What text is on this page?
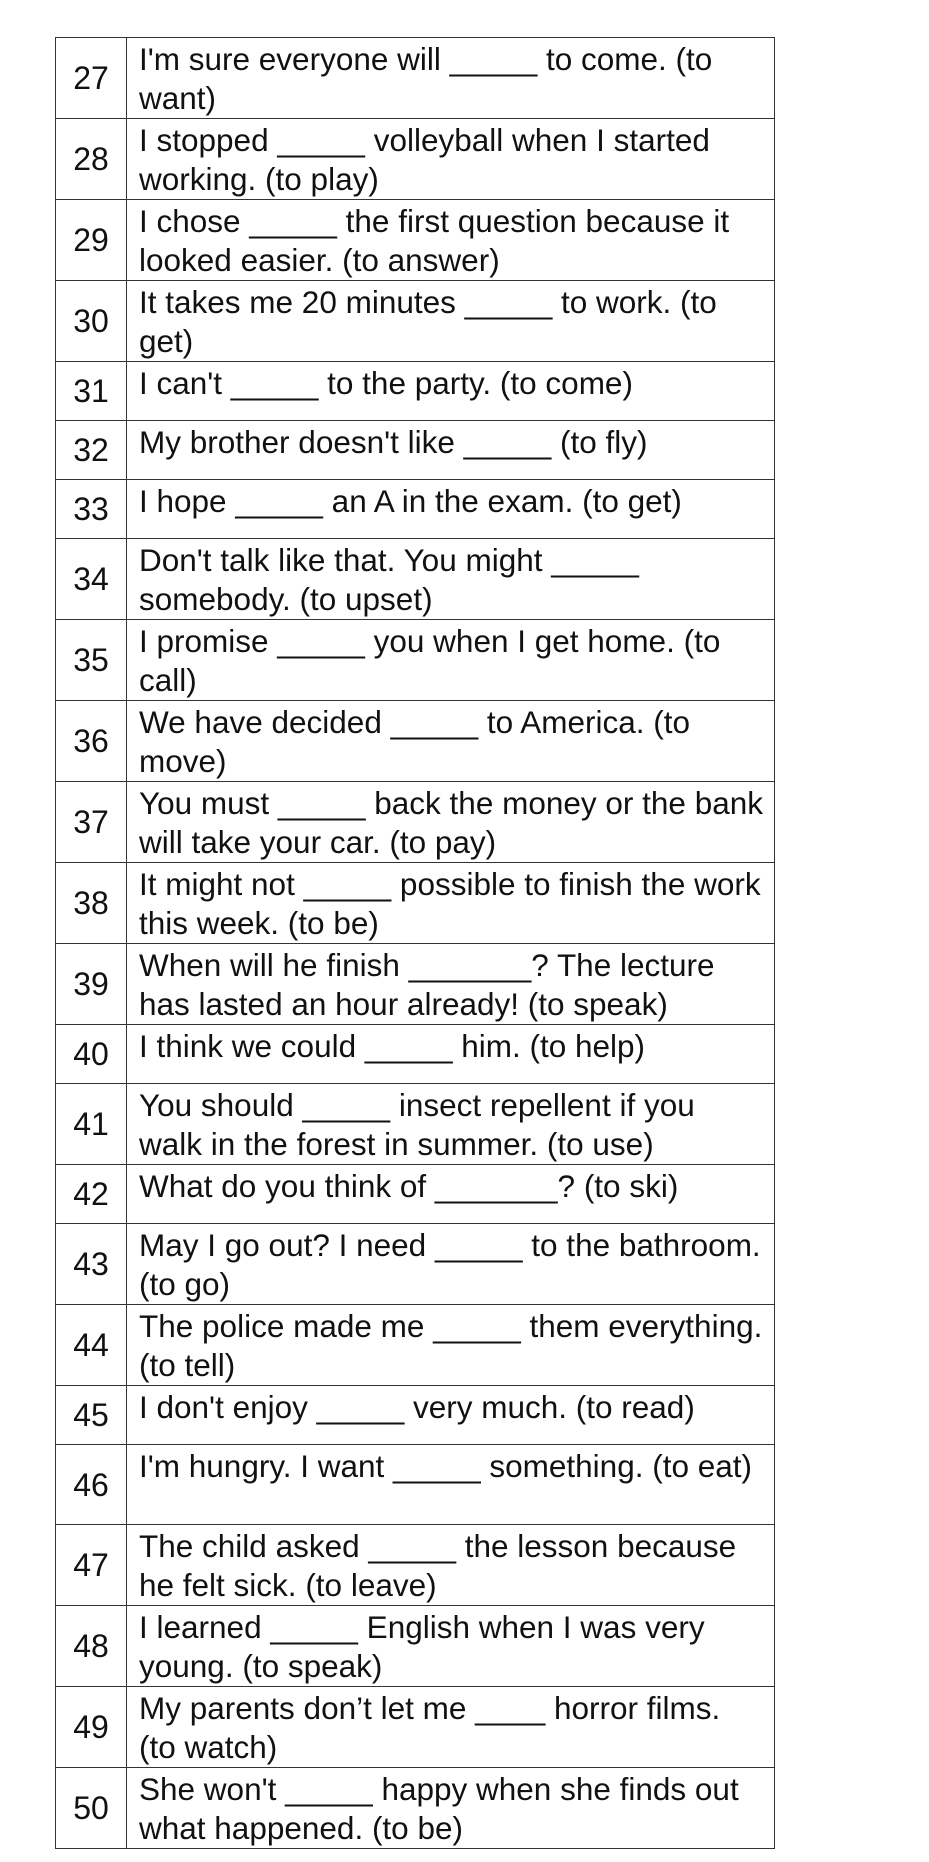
27	I'm sure everyone will _____ to come. (to want)
28	I stopped _____ volleyball when I started working. (to play)
29	I chose _____ the first question because it looked easier. (to answer)
30	It takes me 20 minutes _____ to work. (to get)
31	I can't _____ to the party. (to come)
32	My brother doesn't like _____ (to fly)
33	I hope _____ an A in the exam. (to get)
34	Don't talk like that. You might _____ somebody. (to upset)
35	I promise _____ you when I get home. (to call)
36	We have decided _____ to America. (to move)
37	You must _____ back the money or the bank will take your car. (to pay)
38	It might not _____ possible to finish the work this week. (to be)
39	When will he finish _______? The lecture has lasted an hour already! (to speak)
40	I think we could _____ him. (to help)
41	You should _____ insect repellent if you walk in the forest in summer. (to use)
42	What do you think of _______? (to ski)
43	May I go out? I need _____ to the bathroom. (to go)
44	The police made me _____ them everything. (to tell)
45	I don't enjoy _____ very much. (to read)
46	I'm hungry. I want _____ something. (to eat)
47	The child asked _____ the lesson because he felt sick. (to leave)
48	I learned _____ English when I was very young. (to speak)
49	My parents don’t let me ____ horror films. (to watch)
50	She won't _____ happy when she finds out what happened. (to be)
